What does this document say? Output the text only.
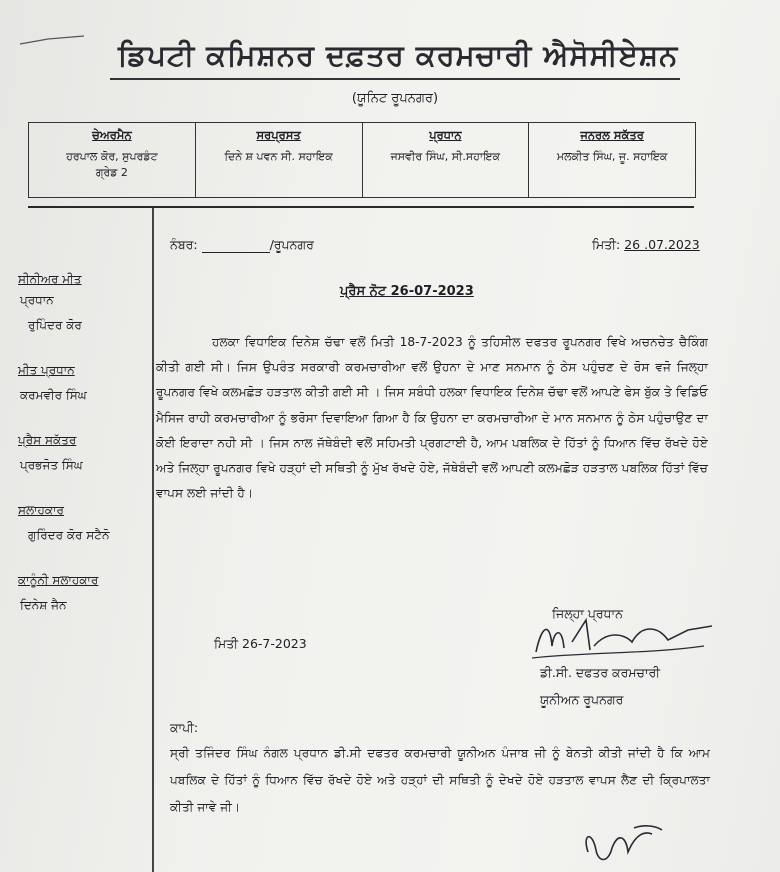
ਡਿਪਟੀ ਕਮਿਸ਼ਨਰ ਦਫ਼ਤਰ ਕਰਮਚਾਰੀ ਐਸੋਸੀਏਸ਼ਨ
(ਯੂਨਿਟ ਰੂਪਨਗਰ)
ਚੇਅਰਮੈਨ
ਹਰਪਾਲ ਕੋਰ, ਸੁਪਰਡੰਟ
ਗ੍ਰੇਡ 2
ਸਰਪ੍ਰਸਤ
ਦਿਨੇ ਸ਼ ਪਵਨ ਸੀ. ਸਹਾਇਕ
ਪ੍ਰਧਾਨ
ਜਸਵੀਰ ਸਿੰਘ, ਸੀ.ਸਹਾਇਕ
ਜਨਰਲ ਸਕੱਤਰ
ਮਲਕੀਤ ਸਿੰਘ, ਜੂ. ਸਹਾਇਕ
ਸੀਨੀਅਰ ਮੀਤ
ਪ੍ਰਧਾਨ
ਰੁਪਿੰਦਰ ਕੋਰ
ਮੀਤ ਪ੍ਰਧਾਨ
ਕਰਮਵੀਰ ਸਿੰਘ
ਪ੍ਰੈਸ ਸਕੱਤਰ
ਪ੍ਰਭਜੋਤ ਸਿੰਘ
ਸਲਾਹਕਾਰ
ਗੁਰਿੰਦਰ ਕੋਰ ਸਟੈਨੋ
ਕਾਨੂੰਨੀ ਸਲਾਹਕਾਰ
ਦਿਨੇਸ਼ ਜੈਨ
ਨੰਬਰ:	/ਰੂਪਨਗਰ	ਮਿਤੀ: 26 .07.2023
ਪ੍ਰੈਸ ਨੋਟ 26-07-2023
ਹਲਕਾ ਵਿਧਾਇਕ ਦਿਨੇਸ਼ ਚੱਢਾ ਵਲੋਂ ਮਿਤੀ 18-7-2023 ਨੂੰ ਤਹਿਸੀਲ ਦਫਤਰ ਰੂਪਨਗਰ ਵਿਖੇ ਅਚਨਚੇਤ ਚੈਕਿੰਗ ਕੀਤੀ ਗਈ ਸੀ। ਜਿਸ ਉਪਰੰਤ ਸਰਕਾਰੀ ਕਰਮਚਾਰੀਆ ਵਲੋਂ ਉਹਨਾ ਦੇ ਮਾਣ ਸਨਮਾਨ ਨੂੰ ਠੇਸ ਪਹੁੰਚਣ ਦੇ ਰੋਸ ਵਜੋ ਜਿਲ੍ਹਾ ਰੂਪਨਗਰ ਵਿਖੇ ਕਲਮਛੋੜ ਹੜਤਾਲ ਕੀਤੀ ਗਈ ਸੀ । ਜਿਸ ਸਬੰਧੀ ਹਲਕਾ ਵਿਧਾਇਕ ਦਿਨੇਸ਼ ਚੱਢਾ ਵਲੋਂ ਆਪਣੇ ਫੇਸ ਬੁੱਕ ਤੇ ਵਿਡਿਓ ਮੈਸਿਜ ਰਾਹੀ ਕਰਮਚਾਰੀਆ ਨੂੰ ਭਰੋਸਾ ਦਿਵਾਇਆ ਗਿਆ ਹੈ ਕਿ ਉਹਨਾ ਦਾ ਕਰਮਚਾਰੀਆ ਦੇ ਮਾਨ ਸਨਮਾਨ ਨੂੰ ਠੇਸ ਪਹੁੰਚਾਉਣ ਦਾ ਕੋਈ ਇਰਾਦਾ ਨਹੀ ਸੀ । ਜਿਸ ਨਾਲ ਜੱਥੇਬੰਦੀ ਵਲੋਂ ਸਹਿਮਤੀ ਪ੍ਰਗਟਾਈ ਹੈ, ਆਮ ਪਬਲਿਕ ਦੇ ਹਿੱਤਾਂ ਨੂੰ ਧਿਆਨ ਵਿੱਚ ਰੱਖਦੇ ਹੋਏ ਅਤੇ ਜਿਲ੍ਹਾ ਰੂਪਨਗਰ ਵਿਖੇ ਹੜ੍ਹਾਂ ਦੀ ਸਥਿਤੀ ਨੂੰ ਮੁੱਖ ਰੱਖਦੇ ਹੋਏ, ਜੱਥੇਬੰਦੀ ਵਲੋਂ ਆਪਣੀ ਕਲਮਛੋੜ ਹੜਤਾਲ ਪਬਲਿਕ ਹਿੱਤਾਂ ਵਿੱਚ ਵਾਪਸ ਲਈ ਜਾਂਦੀ ਹੈ।
ਜਿਲ੍ਹਾ ਪ੍ਰਧਾਨ
ਮਿਤੀ 26-7-2023
ਡੀ.ਸੀ. ਦਫਤਰ ਕਰਮਚਾਰੀ
ਯੂਨੀਅਨ ਰੂਪਨਗਰ
ਕਾਪੀ:
ਸ੍ਰੀ ਤਜਿੰਦਰ ਸਿੰਘ ਨੰਗਲ ਪ੍ਰਧਾਨ ਡੀ.ਸੀ ਦਫਤਰ ਕਰਮਚਾਰੀ ਯੂਨੀਅਨ ਪੰਜਾਬ ਜੀ ਨੂੰ ਬੇਨਤੀ ਕੀਤੀ ਜਾਂਦੀ ਹੈ ਕਿ ਆਮ ਪਬਲਿਕ ਦੇ ਹਿੱਤਾਂ ਨੂੰ ਧਿਆਨ ਵਿੱਚ ਰੱਖਦੇ ਹੋਏ ਅਤੇ ਹੜ੍ਹਾਂ ਦੀ ਸਥਿਤੀ ਨੂੰ ਦੇਖਦੇ ਹੋਏ ਹੜਤਾਲ ਵਾਪਸ ਲੈਣ ਦੀ ਕ੍ਰਿਪਾਲਤਾ ਕੀਤੀ ਜਾਵੇ ਜੀ।
